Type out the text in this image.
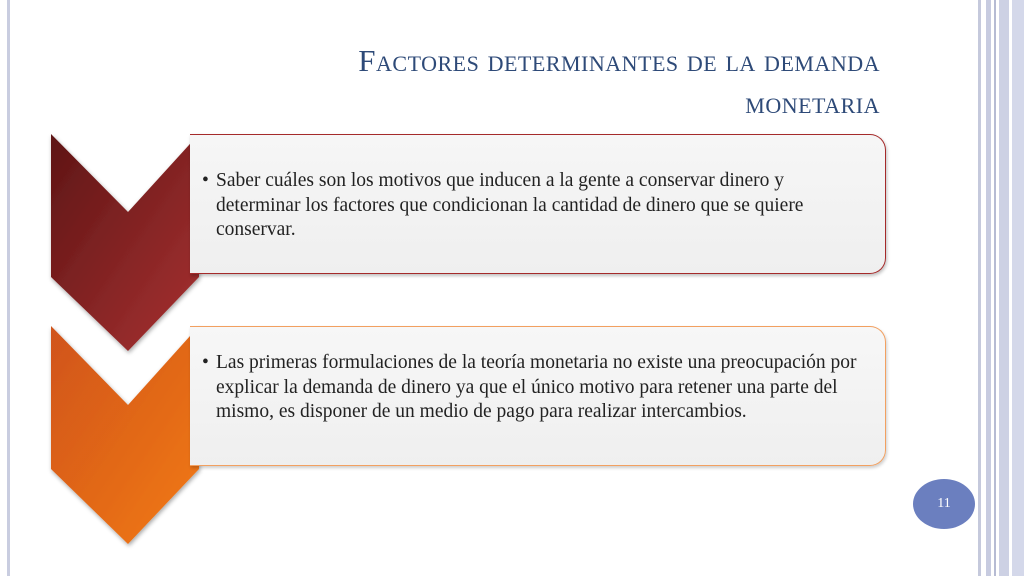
Factores determinantes de la demanda
monetaria
• Saber cuáles son los motivos que inducen a la gente a conservar dinero y determinar los factores que condicionan la cantidad de dinero que se quiere conservar.
• Las primeras formulaciones de la teoría monetaria no existe una preocupación por explicar la demanda de dinero ya que el único motivo para retener una parte del mismo, es disponer de un medio de pago para realizar intercambios.
11
